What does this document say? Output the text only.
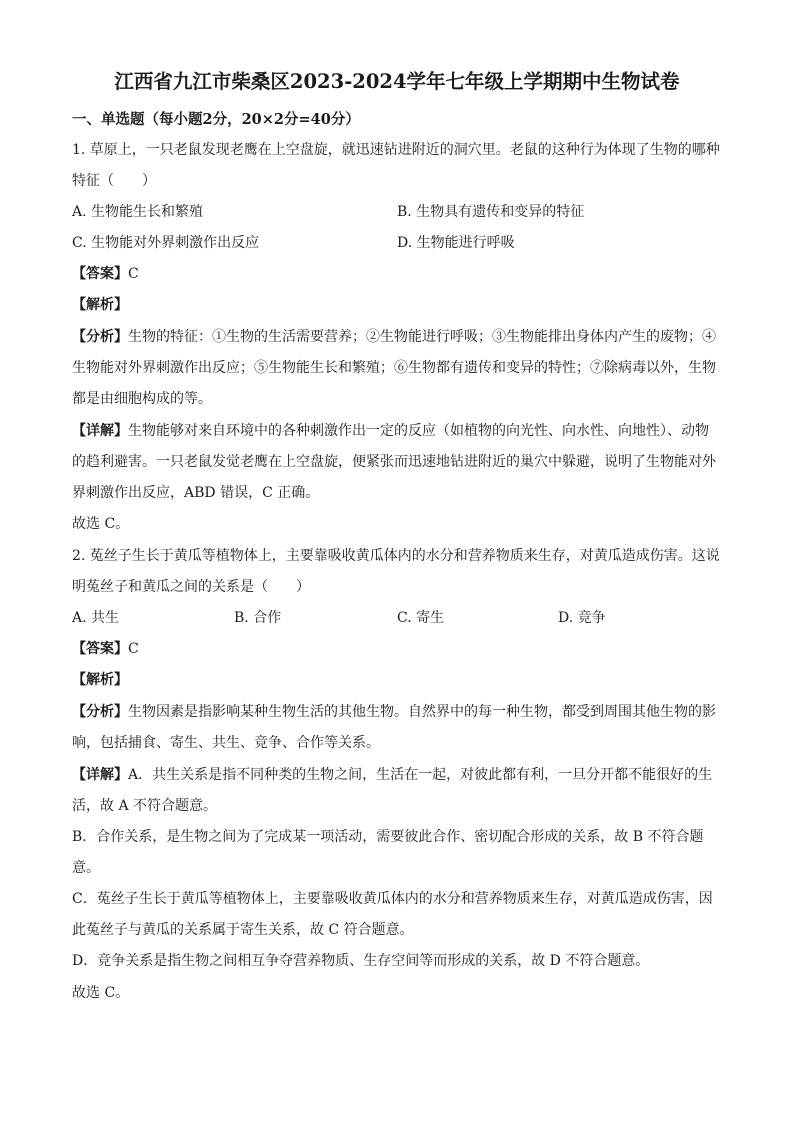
江西省九江市柴桑区2023-2024学年七年级上学期期中生物试卷
一、单选题（每小题2分，20×2分=40分）
1. 草原上，一只老鼠发现老鹰在上空盘旋，就迅速钻进附近的洞穴里。老鼠的这种行为体现了生物的哪种
特征（　　）
A. 生物能生长和繁殖	B. 生物具有遗传和变异的特征
C. 生物能对外界刺激作出反应	D. 生物能进行呼吸
【答案】C
【解析】
【分析】生物的特征：①生物的生活需要营养；②生物能进行呼吸；③生物能排出身体内产生的废物；④
生物能对外界刺激作出反应；⑤生物能生长和繁殖；⑥生物都有遗传和变异的特性；⑦除病毒以外，生物
都是由细胞构成的等。
【详解】生物能够对来自环境中的各种刺激作出一定的反应（如植物的向光性、向水性、向地性）、动物
的趋利避害。一只老鼠发觉老鹰在上空盘旋，便紧张而迅速地钻进附近的巢穴中躲避，说明了生物能对外
界刺激作出反应，ABD 错误，C 正确。
故选 C。
2. 菟丝子生长于黄瓜等植物体上，主要靠吸收黄瓜体内的水分和营养物质来生存，对黄瓜造成伤害。这说
明菟丝子和黄瓜之间的关系是（　　）
A. 共生	B. 合作	C. 寄生	D. 竞争
【答案】C
【解析】
【分析】生物因素是指影响某种生物生活的其他生物。自然界中的每一种生物，都受到周围其他生物的影
响，包括捕食、寄生、共生、竞争、合作等关系。
【详解】A．共生关系是指不同种类的生物之间，生活在一起，对彼此都有利，一旦分开都不能很好的生
活，故 A 不符合题意。
B．合作关系，是生物之间为了完成某一项活动，需要彼此合作、密切配合形成的关系，故 B 不符合题
意。
C．菟丝子生长于黄瓜等植物体上，主要靠吸收黄瓜体内的水分和营养物质来生存，对黄瓜造成伤害，因
此菟丝子与黄瓜的关系属于寄生关系，故 C 符合题意。
D．竞争关系是指生物之间相互争夺营养物质、生存空间等而形成的关系，故 D 不符合题意。
故选 C。
